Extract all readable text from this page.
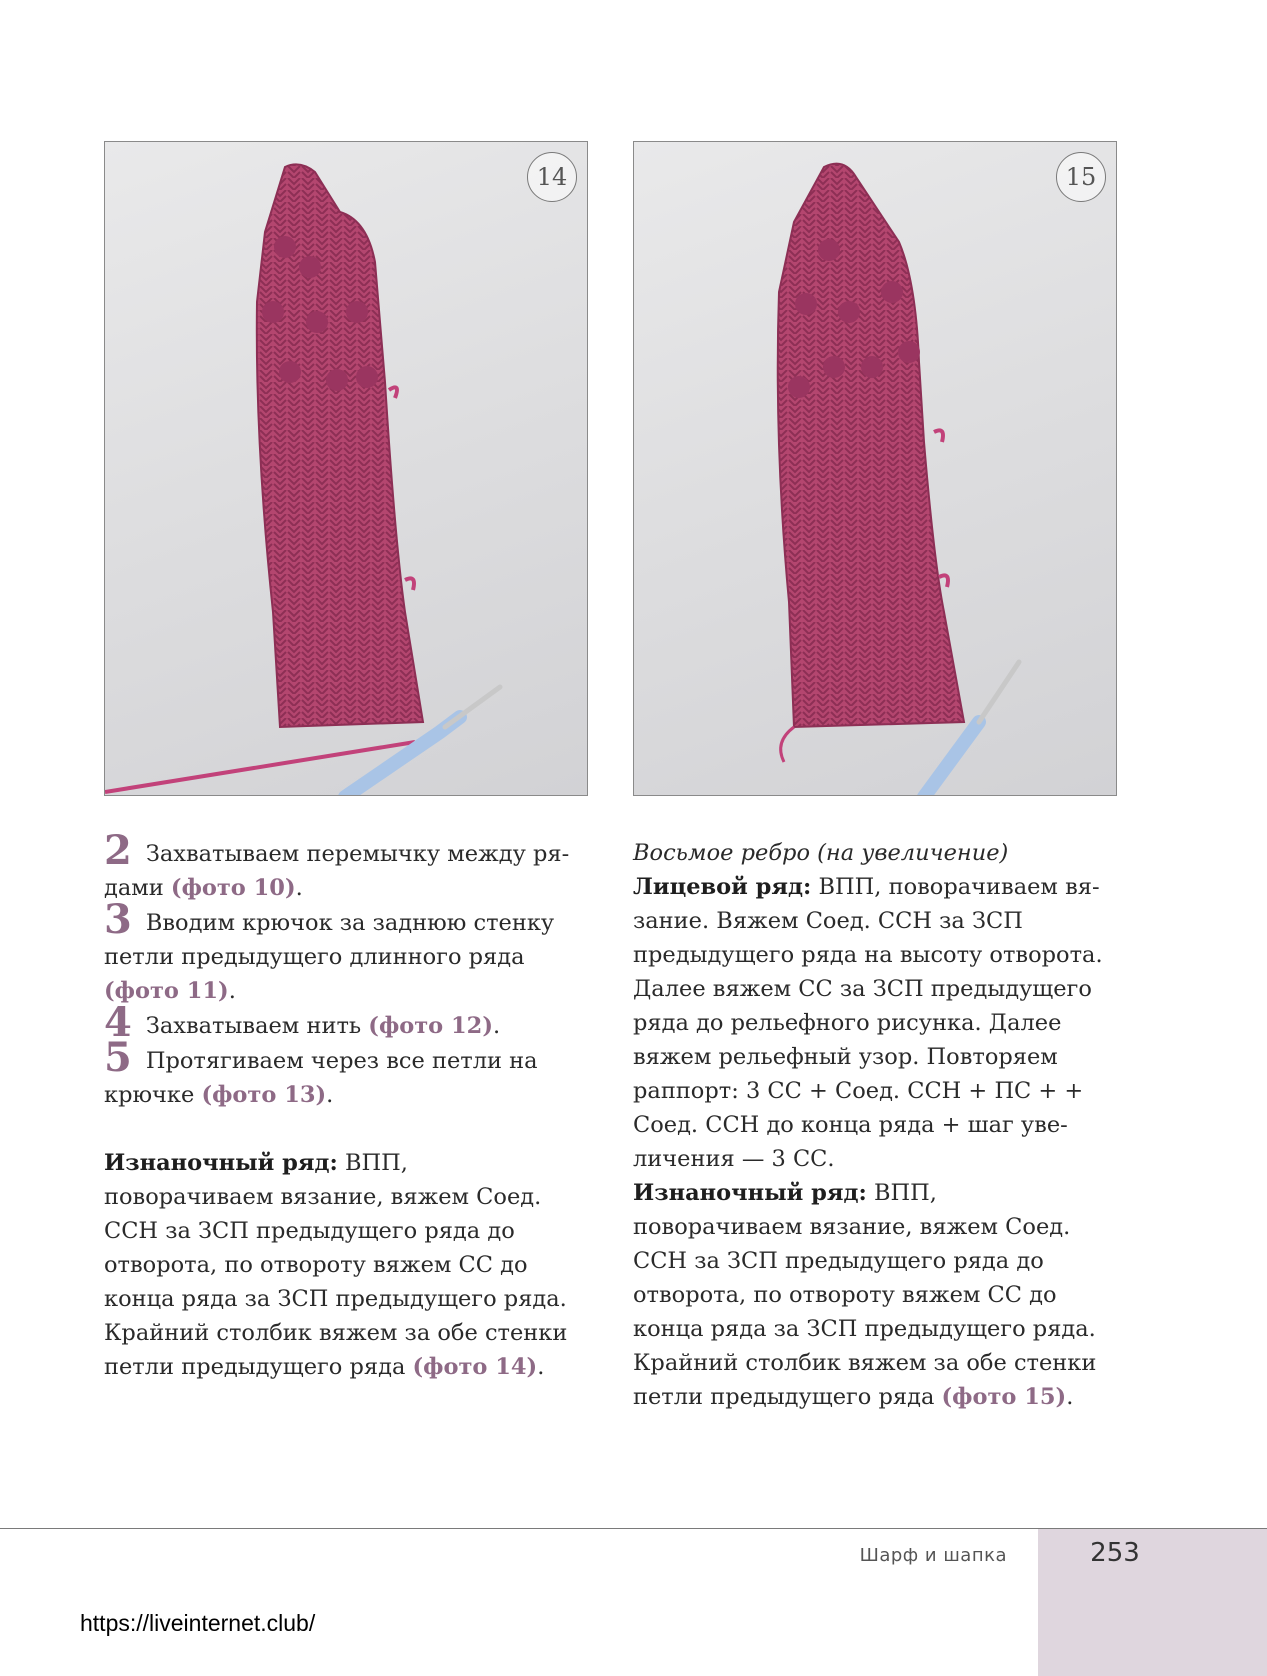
14	15

2 Захватываем перемычку между рядами (фото 10).

3 Вводим крючок за заднюю стенку петли предыдущего длинного ряда (фото 11).

4 Захватываем нить (фото 12).

5 Протягиваем через все петли на крючке (фото 13).

Изнаночный ряд: ВПП, поворачиваем вязание, вяжем Соед. ССН за ЗСП предыдущего ряда до отворота, по отвороту вяжем СС до конца ряда за ЗСП предыдущего ряда. Крайний столбик вяжем за обе стенки петли предыдущего ряда (фото 14).

Восьмое ребро (на увеличение)

Лицевой ряд: ВПП, поворачиваем вязание. Вяжем Соед. ССН за ЗСП предыдущего ряда на высоту отворота. Далее вяжем СС за ЗСП предыдущего ряда до рельефного рисунка. Далее вяжем рельефный узор. Повторяем раппорт: 3 СС + Соед. ССН + ПС + + Соед. ССН до конца ряда + шаг увеличения — 3 СС.

Изнаночный ряд: ВПП, поворачиваем вязание, вяжем Соед. ССН за ЗСП предыдущего ряда до отворота, по отвороту вяжем СС до конца ряда за ЗСП предыдущего ряда. Крайний столбик вяжем за обе стенки петли предыдущего ряда (фото 15).

Шарф и шапка	253
https://liveinternet.club/
